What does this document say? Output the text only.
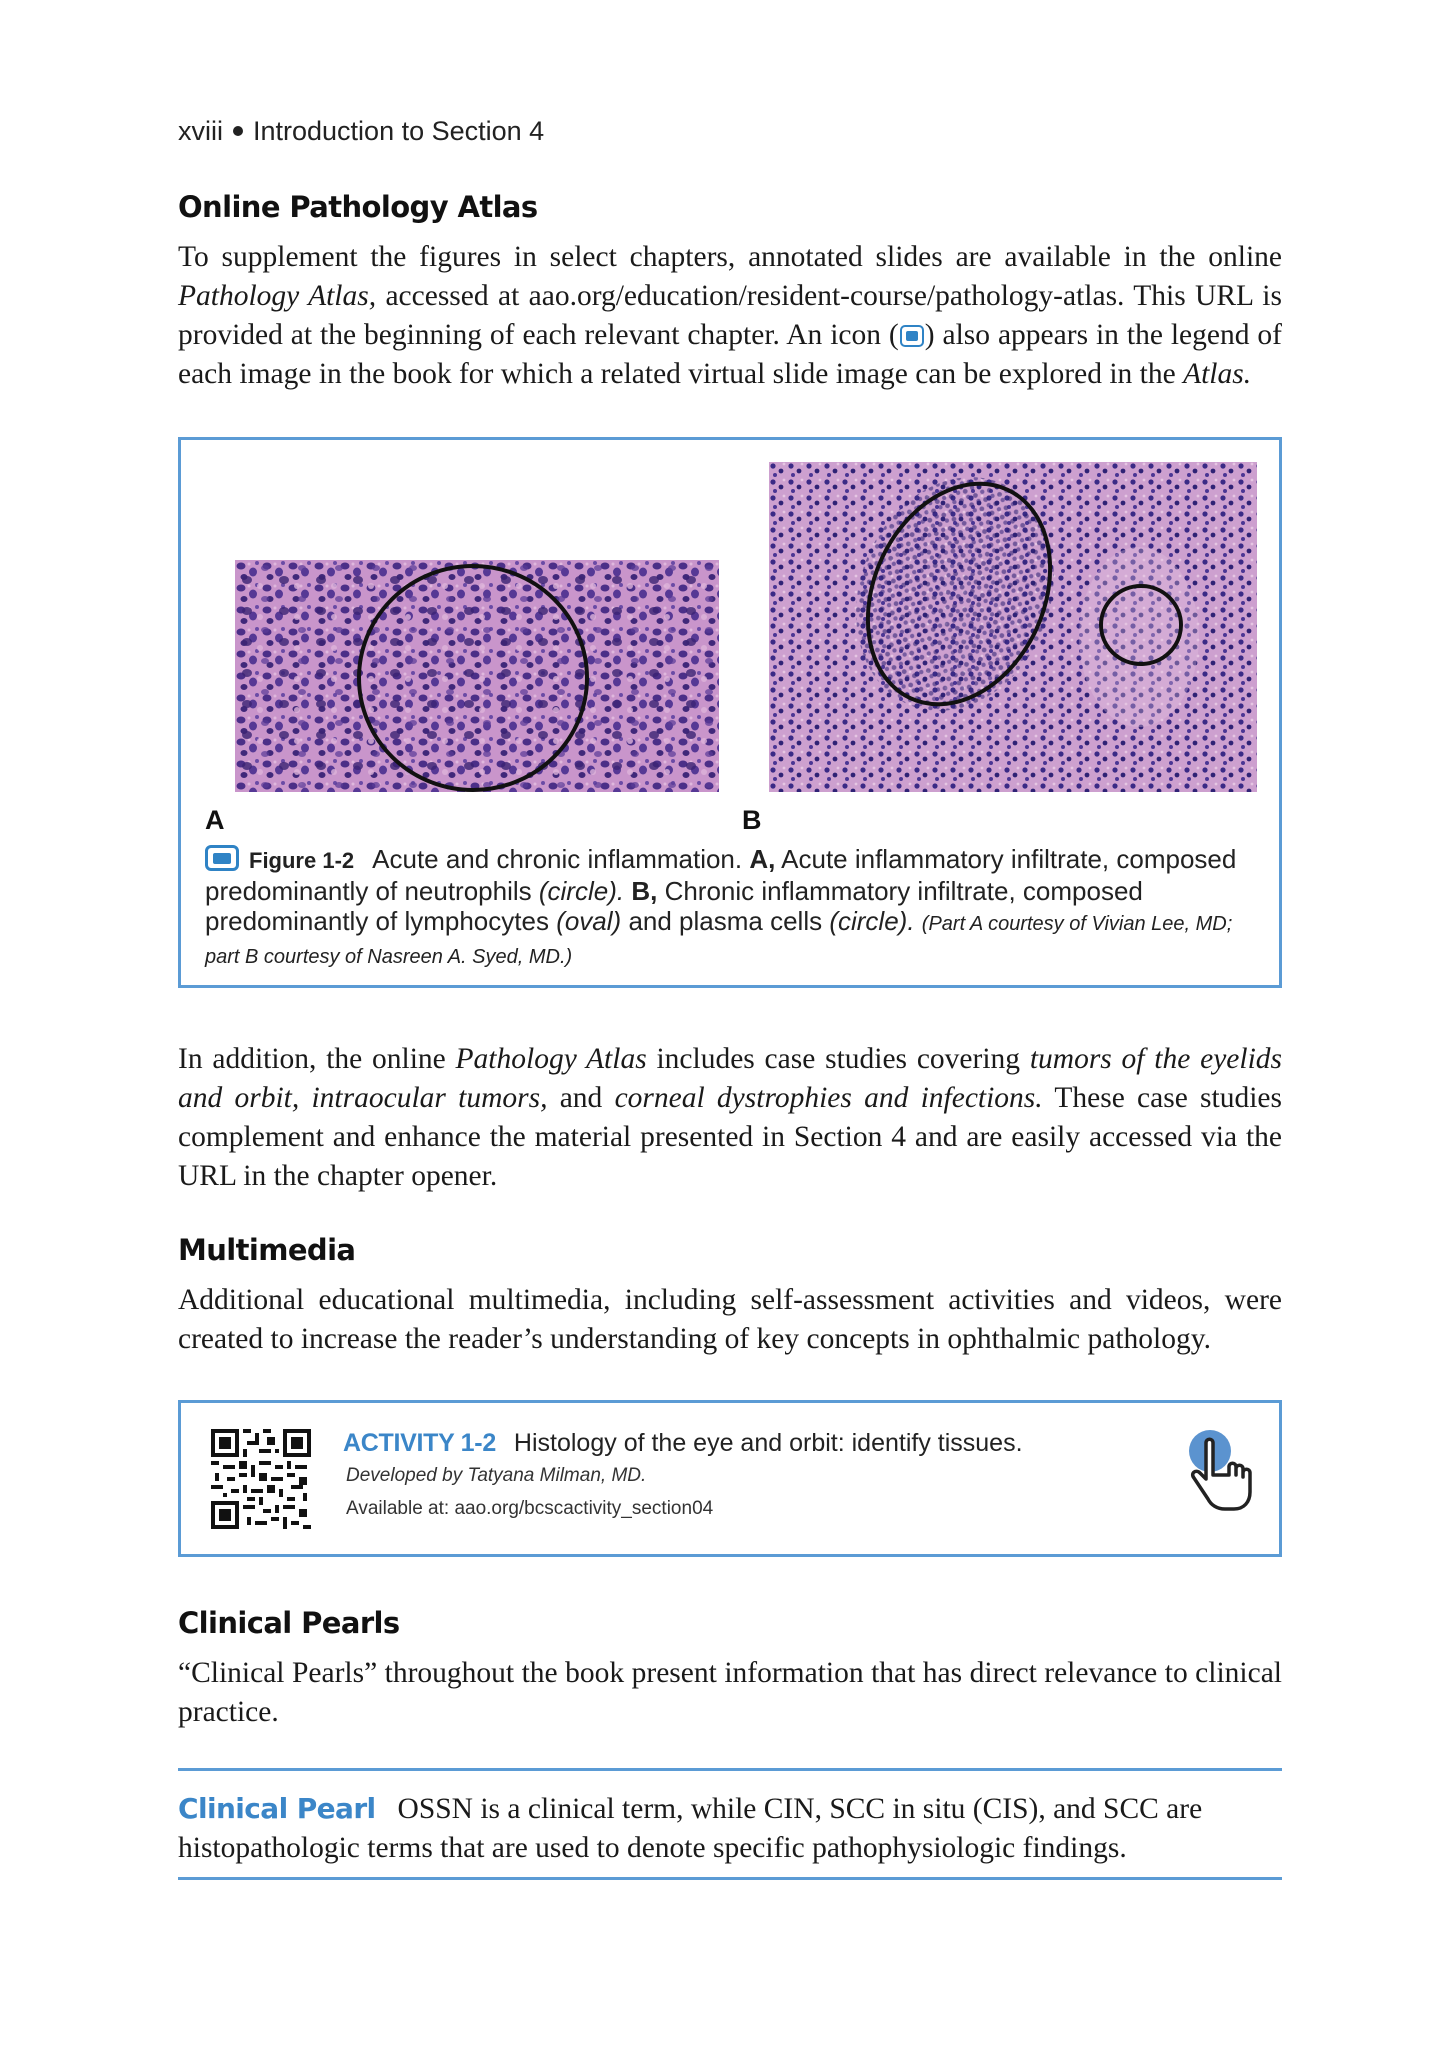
xviii Introduction to Section 4
Online Pathology Atlas

To supplement the figures in select chapters, annotated slides are available in the online Pathology Atlas, accessed at aao.org/education/resident-course/pathology-atlas. This URL is provided at the beginning of each relevant chapter. An icon ( ) also appears in the legend of each image in the book for which a related virtual slide image can be explored in the Atlas.

A	B
Figure 1-2 Acute and chronic inflammation. A, Acute inflammatory infiltrate, composed predominantly of neutrophils (circle). B, Chronic inflammatory infiltrate, composed predominantly of lymphocytes (oval) and plasma cells (circle). (Part A courtesy of Vivian Lee, MD; part B courtesy of Nasreen A. Syed, MD.)

In addition, the online Pathology Atlas includes case studies covering tumors of the eyelids and orbit, intraocular tumors, and corneal dystrophies and infections. These case studies complement and enhance the material presented in Section 4 and are easily accessed via the URL in the chapter opener.

Multimedia

Additional educational multimedia, including self-assessment activities and videos, were created to increase the reader’s understanding of key concepts in ophthalmic pathology.

ACTIVITY 1-2 Histology of the eye and orbit: identify tissues.
Developed by Tatyana Milman, MD.
Available at: aao.org/bcscactivity_section04
Clinical Pearls

“Clinical Pearls” throughout the book present information that has direct relevance to clinical practice.

Clinical Pearl OSSN is a clinical term, while CIN, SCC in situ (CIS), and SCC are histopathologic terms that are used to denote specific pathophysiologic findings.
